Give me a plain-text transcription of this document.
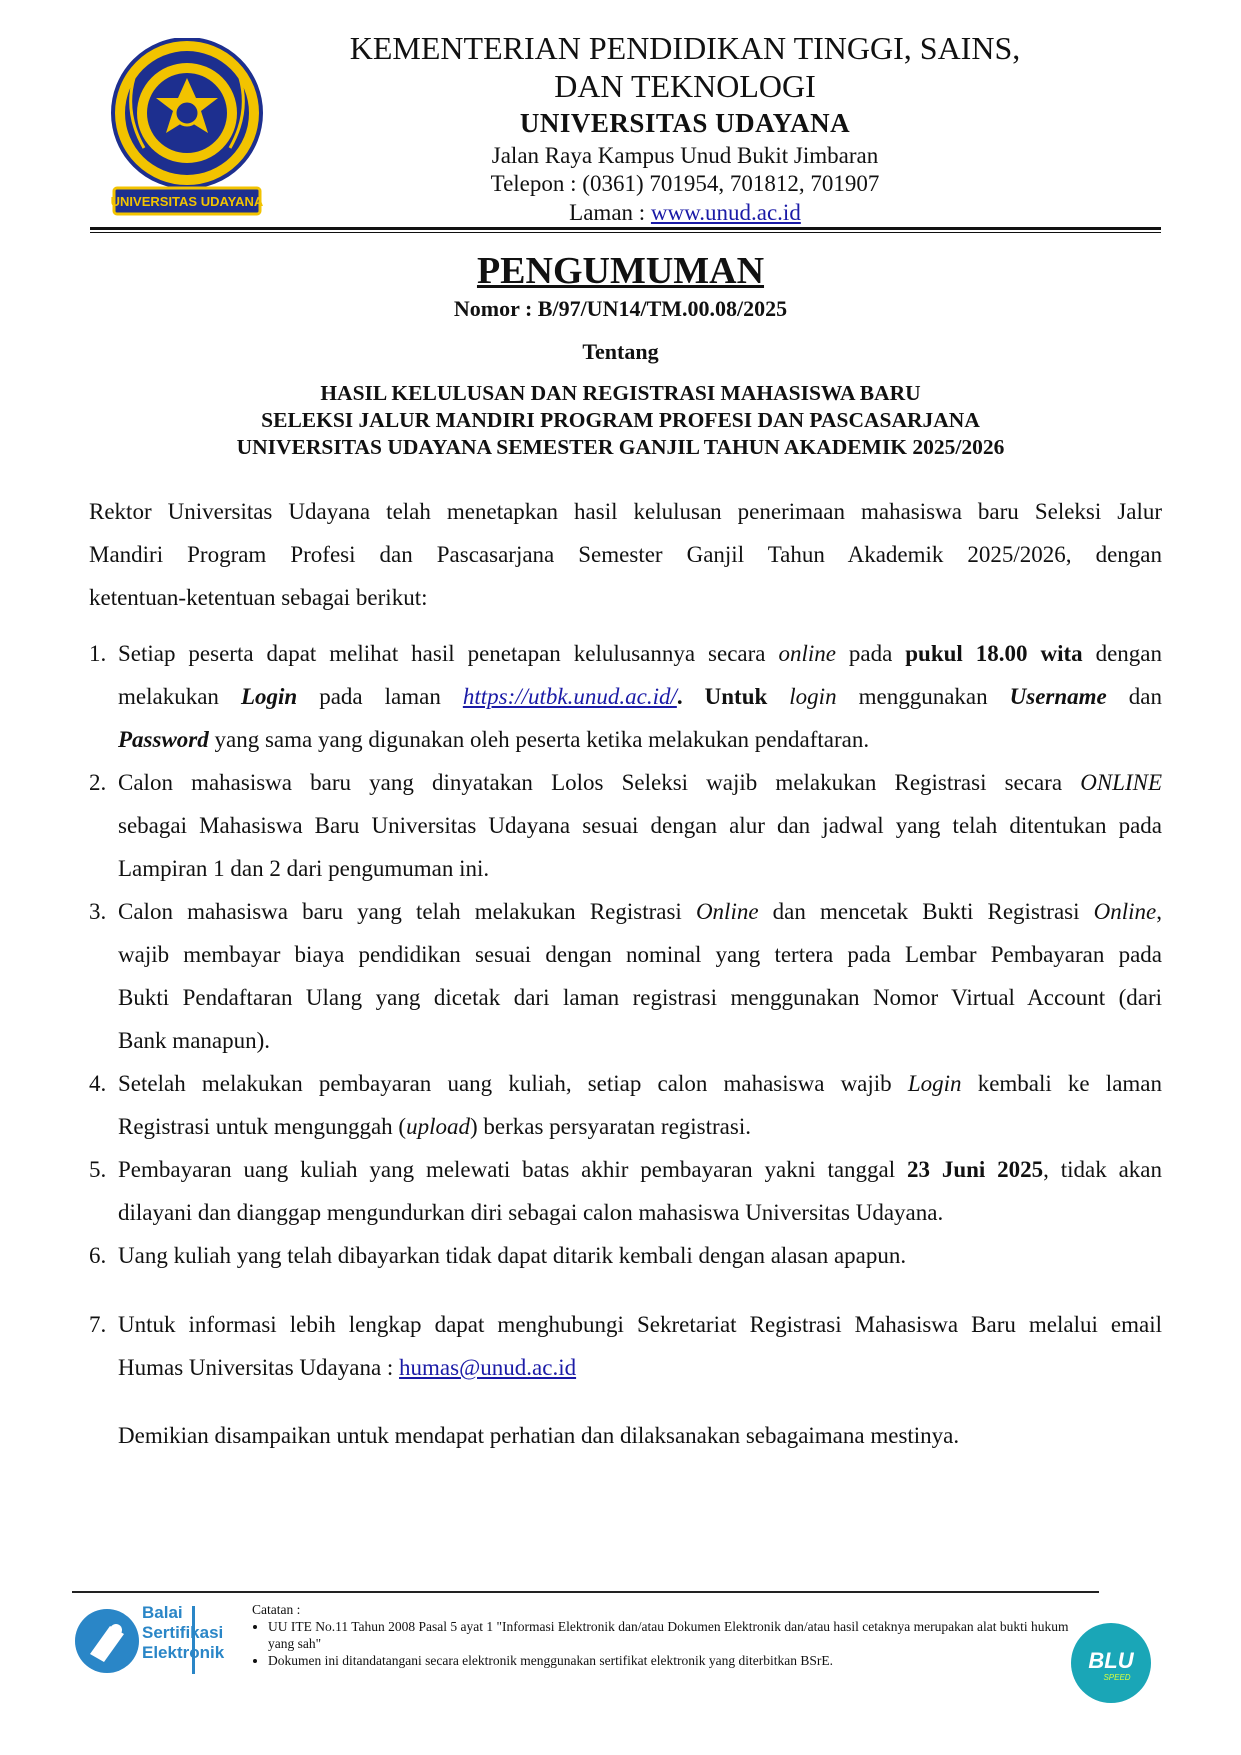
UNIVERSITAS UDAYANA
KEMENTERIAN PENDIDIKAN TINGGI, SAINS,
DAN TEKNOLOGI
UNIVERSITAS UDAYANA
Jalan Raya Kampus Unud Bukit Jimbaran
Telepon : (0361) 701954, 701812, 701907
Laman : www.unud.ac.id
PENGUMUMAN
Nomor : B/97/UN14/TM.00.08/2025
Tentang
HASIL KELULUSAN DAN REGISTRASI MAHASISWA BARU
SELEKSI JALUR MANDIRI PROGRAM PROFESI DAN PASCASARJANA
UNIVERSITAS UDAYANA SEMESTER GANJIL TAHUN AKADEMIK 2025/2026
Rektor Universitas Udayana telah menetapkan hasil kelulusan penerimaan mahasiswa baru Seleksi Jalur
Mandiri Program Profesi dan Pascasarjana Semester Ganjil Tahun Akademik 2025/2026, dengan
ketentuan-ketentuan sebagai berikut:
1. Setiap peserta dapat melihat hasil penetapan kelulusannya secara online pada pukul 18.00 wita dengan
melakukan Login pada laman https://utbk.unud.ac.id/. Untuk login menggunakan Username dan
Password yang sama yang digunakan oleh peserta ketika melakukan pendaftaran.
2. Calon mahasiswa baru yang dinyatakan Lolos Seleksi wajib melakukan Registrasi secara ONLINE
sebagai Mahasiswa Baru Universitas Udayana sesuai dengan alur dan jadwal yang telah ditentukan pada
Lampiran 1 dan 2 dari pengumuman ini.
3. Calon mahasiswa baru yang telah melakukan Registrasi Online dan mencetak Bukti Registrasi Online,
wajib membayar biaya pendidikan sesuai dengan nominal yang tertera pada Lembar Pembayaran pada
Bukti Pendaftaran Ulang yang dicetak dari laman registrasi menggunakan Nomor Virtual Account (dari
Bank manapun).
4. Setelah melakukan pembayaran uang kuliah, setiap calon mahasiswa wajib Login kembali ke laman
Registrasi untuk mengunggah (upload) berkas persyaratan registrasi.
5. Pembayaran uang kuliah yang melewati batas akhir pembayaran yakni tanggal 23 Juni 2025, tidak akan
dilayani dan dianggap mengundurkan diri sebagai calon mahasiswa Universitas Udayana.
6. Uang kuliah yang telah dibayarkan tidak dapat ditarik kembali dengan alasan apapun.
7. Untuk informasi lebih lengkap dapat menghubungi Sekretariat Registrasi Mahasiswa Baru melalui email
Humas Universitas Udayana : humas@unud.ac.id
Demikian disampaikan untuk mendapat perhatian dan dilaksanakan sebagaimana mestinya.
Balai
Sertifikasi
Elektronik
Catatan :
• UU ITE No.11 Tahun 2008 Pasal 5 ayat 1 "Informasi Elektronik dan/atau Dokumen Elektronik dan/atau hasil cetaknya merupakan alat bukti hukum yang sah"
• Dokumen ini ditandatangani secara elektronik menggunakan sertifikat elektronik yang diterbitkan BSrE.	BLU
SPEED
